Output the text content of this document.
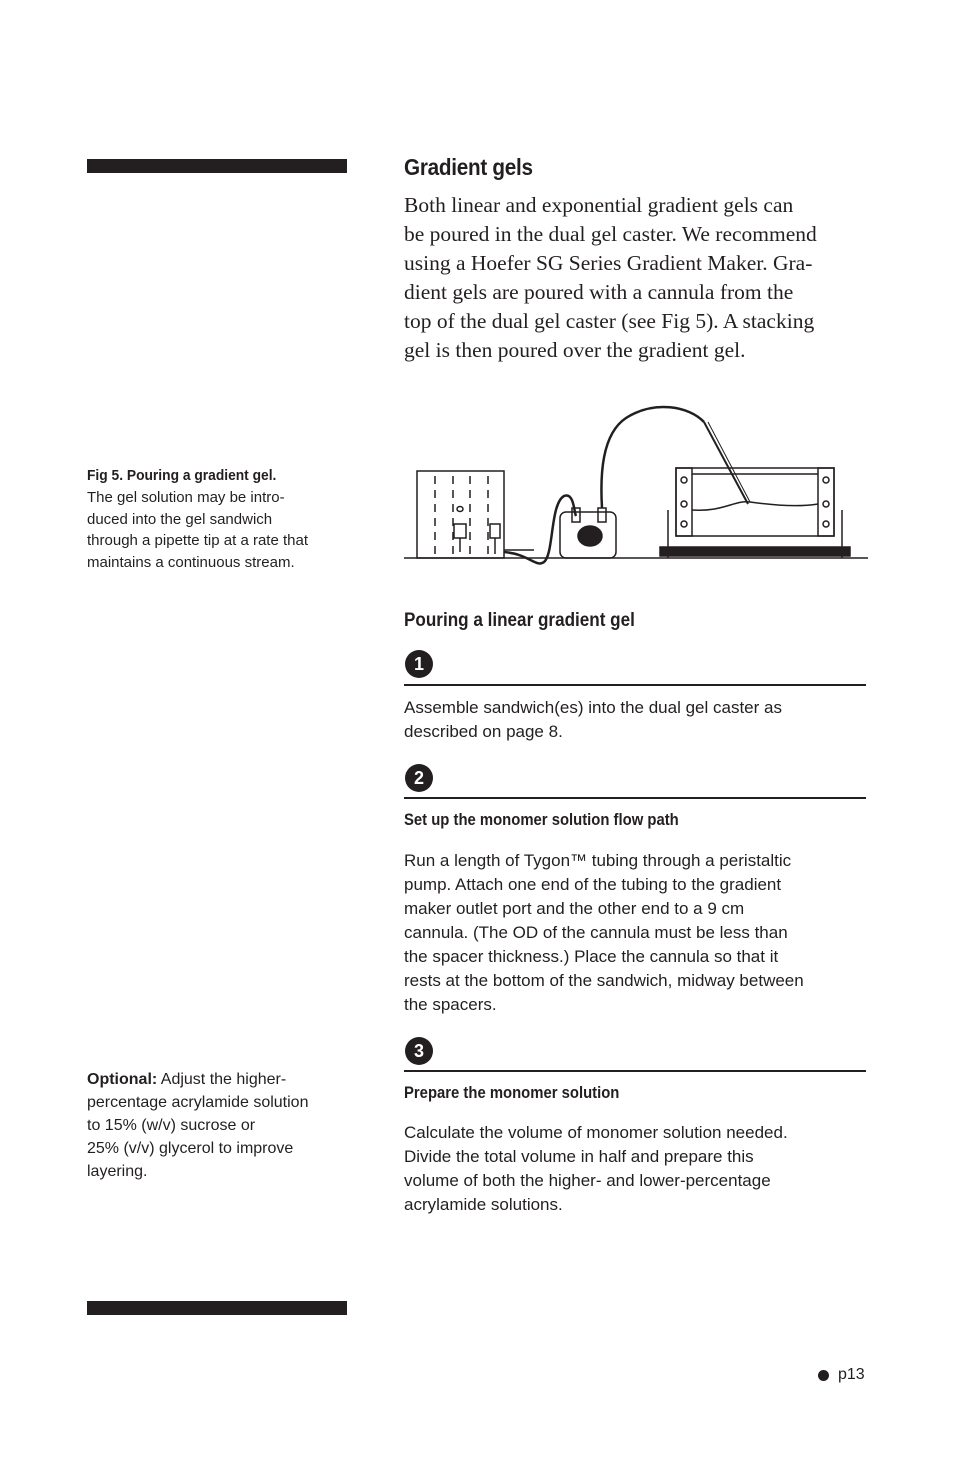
Gradient gels
Both linear and exponential gradient gels can
be poured in the dual gel caster. We recommend
using a Hoefer SG Series Gradient Maker. Gra-
dient gels are poured with a cannula from the
top of the dual gel caster (see Fig 5). A stacking
gel is then poured over the gradient gel.
Fig 5. Pouring a gradient gel.
The gel solution may be intro-
duced into the gel sandwich
through a pipette tip at a rate that
maintains a continuous stream.
Pouring a linear gradient gel
1
Assemble sandwich(es) into the dual gel caster as
described on page 8.
2
Set up the monomer solution flow path
Run a length of Tygon™ tubing through a peristaltic
pump. Attach one end of the tubing to the gradient
maker outlet port and the other end to a 9 cm
cannula. (The OD of the cannula must be less than
the spacer thickness.) Place the cannula so that it
rests at the bottom of the sandwich, midway between
the spacers.
3
Prepare the monomer solution
Calculate the volume of monomer solution needed.
Divide the total volume in half and prepare this
volume of both the higher- and lower-percentage
acrylamide solutions.
Optional: Adjust the higher-
percentage acrylamide solution
to 15% (w/v) sucrose or
25% (v/v) glycerol to improve
layering.
p13
